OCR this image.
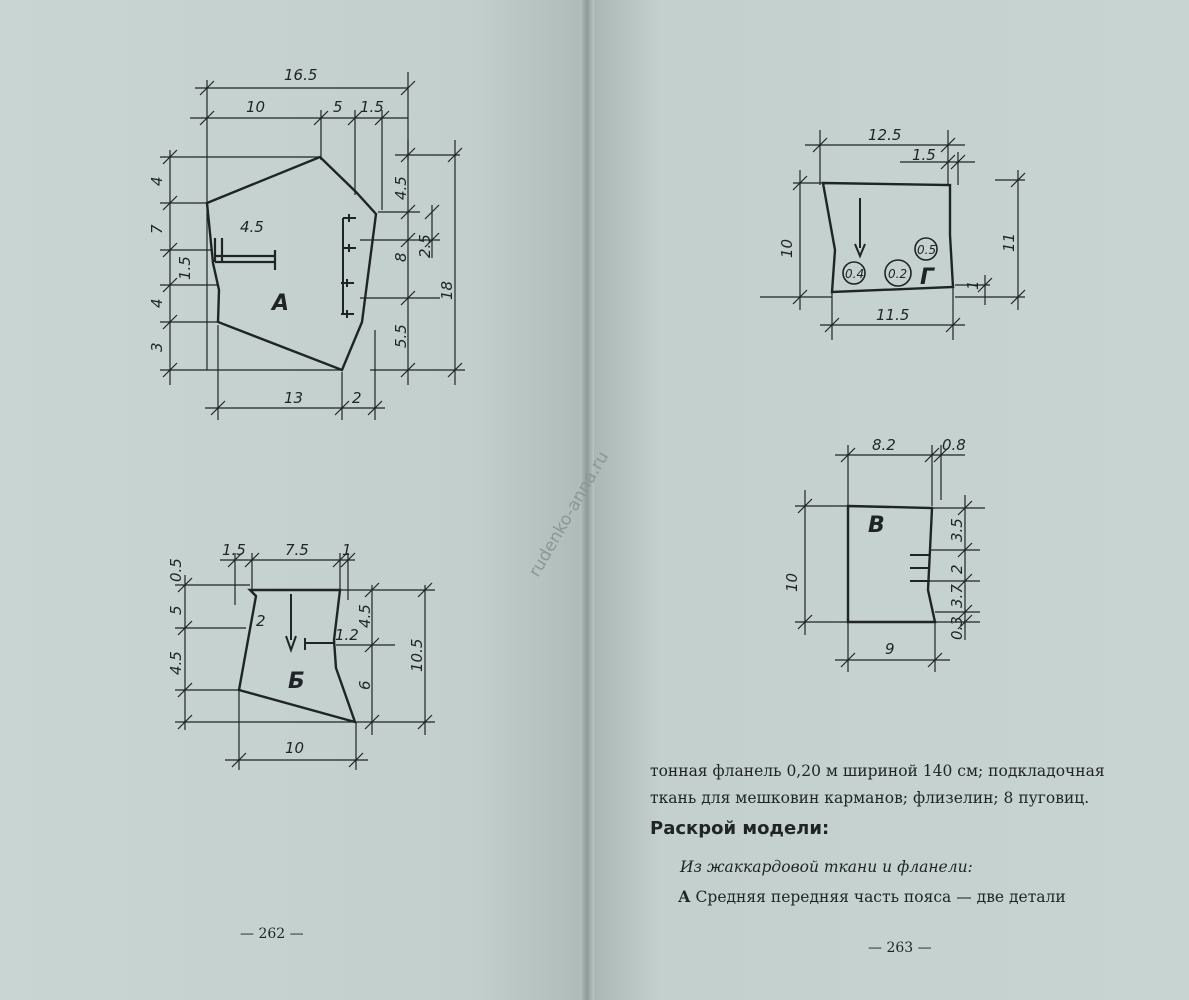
А
16.5
10	5 1.5
4.5
4
7
1.5
4
3
4.5
2.5
8
5.5
18
13	2
Б
1.5	7.5 1
0.5
5
4.5
2
1.2
4.5
6
10.5
10
Г
0.4 0.2
0.5
12.5
1.5
10	11
1
11.5
В
8.2	0.8
10
3.5
2
3.7
0.3
9
rudenko-anna.ru
тонная фланель 0,20 м шириной 140 см; подкладочная
ткань для мешковин карманов; флизелин; 8 пуговиц.
Раскрой модели:
Из жаккардовой ткани и фланели:
А Средняя передняя часть пояса — две детали
— 262 —
— 263 —
